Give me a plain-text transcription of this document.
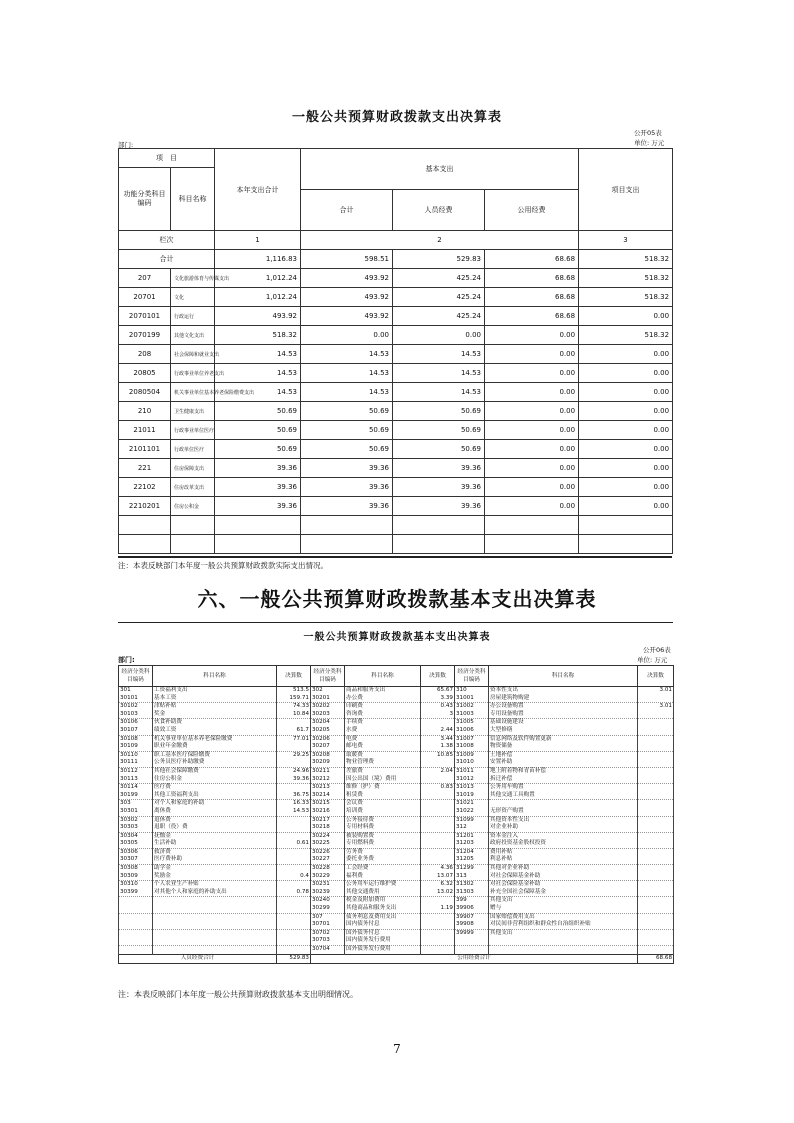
一般公共预算财政拨款支出决算表
公开05表
部门:	单位: 万元
项　目		本年支出合计	基本支出			项目支出
功能分类科目编码	科目名称					
			合计	人员经费	公用经费	
栏次		1	2			3
合计		1,116.83	598.51	529.83	68.68	518.32
207	文化旅游体育与传媒支出	1,012.24	493.92	425.24	68.68	518.32
20701	文化	1,012.24	493.92	425.24	68.68	518.32
2070101	行政运行	493.92	493.92	425.24	68.68	0.00
2070199	其他文化支出	518.32	0.00	0.00	0.00	518.32
208	社会保障和就业支出	14.53	14.53	14.53	0.00	0.00
20805	行政事业单位养老支出	14.53	14.53	14.53	0.00	0.00
2080504	机关事业单位基本养老保险缴费支出	14.53	14.53	14.53	0.00	0.00
210	卫生健康支出	50.69	50.69	50.69	0.00	0.00
21011	行政事业单位医疗	50.69	50.69	50.69	0.00	0.00
2101101	行政单位医疗	50.69	50.69	50.69	0.00	0.00
221	住房保障支出	39.36	39.36	39.36	0.00	0.00
22102	住房改革支出	39.36	39.36	39.36	0.00	0.00
2210201	住房公积金	39.36	39.36	39.36	0.00	0.00

注：本表反映部门本年度一般公共预算财政拨款实际支出情况。
六、一般公共预算财政拨款基本支出决算表
一般公共预算财政拨款基本支出决算表
公开06表
部门:	单位: 万元
经济分类科目编码	科目名称	决算数	经济分类科目编码	科目名称	决算数	经济分类科目编码	科目名称	决算数
301	工资福利支出	513.5	302	商品和服务支出	65.67	310	资本性支出	3.01
30101	基本工资	159.71	30201	办公费	3.39	31001	房屋建筑物购建	
30102	津贴补贴	74.33	30202	印刷费	0.43	31002	办公设备购置	3.01
30103	奖金	10.84	30203	咨询费	3	31003	专用设备购置	
30106	伙食补助费		30204	手续费		31005	基础设施建设	
30107	绩效工资	61.7	30205	水费	2.44	31006	大型修缮	
30108	机关事业单位基本养老保险缴费	77.01	30206	电费	3.44	31007	信息网络及软件购置更新	
30109	职业年金缴费		30207	邮电费	1.38	31008	物资储备	
30110	职工基本医疗保险缴费	29.25	30208	取暖费	10.85	31009	土地补偿	
30111	公务员医疗补助缴费		30209	物业管理费		31010	安置补助	
30112	其他社会保障缴费	24.96	30211	差旅费	2.04	31011	地上附着物和青苗补偿	
30113	住房公积金	39.36	30212	因公出国（境）费用		31012	拆迁补偿	
30114	医疗费		30213	维修（护）费	0.83	31013	公务用车购置	
30199	其他工资福利支出	36.75	30214	租赁费		31019	其他交通工具购置	
303	对个人和家庭的补助	16.33	30215	会议费		31021		
30301	离休费	14.53	30216	培训费		31022	无形资产购置	
30302	退休费		30217	公务接待费		31099	其他资本性支出	
30303	退职（役）费		30218	专用材料费		312	对企业补助	
30304	抚恤金		30224	被装购置费		31201	资本金注入	
30305	生活补助	0.61	30225	专用燃料费		31203	政府投资基金股权投资	
30306	救济费		30226	劳务费		31204	费用补贴	
30307	医疗费补助		30227	委托业务费		31205	利息补贴	
30308	助学金		30228	工会经费	4.36	31299	其他对企业补助	
30309	奖励金	0.4	30229	福利费	13.07	313	对社会保障基金补助	
30310	个人农业生产补贴		30231	公务用车运行维护费	6.32	31302	对社会保险基金补助	
30399	对其他个人和家庭的补助支出	0.78	30239	其他交通费用	13.02	31303	补充全国社会保障基金	
			30240	税金及附加费用		399	其他支出	
			30299	其他商品和服务支出	1.19	39906	赠与	
			307	债务利息及费用支出		39907	国家赔偿费用支出	
			30701	国内债务付息		39908	对民间非营利组织和群众性自治组织补贴	
			30702	国外债务付息		39999	其他支出	
			30703	国内债务发行费用				
			30704	国外债务发行费用				
人员经费合计		529.83	公用经费合计					68.68
注：本表反映部门本年度一般公共预算财政拨款基本支出明细情况。
7
